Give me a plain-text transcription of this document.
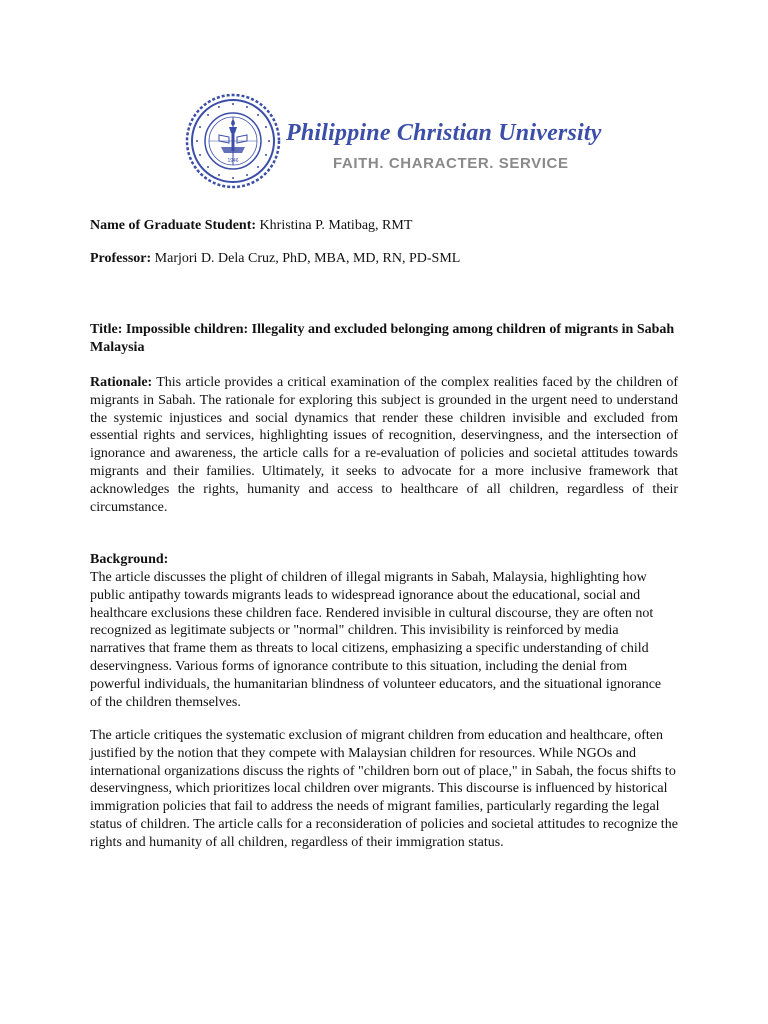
1946
Philippine Christian University
FAITH. CHARACTER. SERVICE
Name of Graduate Student: Khristina P. Matibag, RMT
Professor: Marjori D. Dela Cruz, PhD, MBA, MD, RN, PD-SML
Title: Impossible children: Illegality and excluded belonging among children of migrants in Sabah Malaysia
Rationale: This article provides a critical examination of the complex realities faced by the children of migrants in Sabah. The rationale for exploring this subject is grounded in the urgent need to understand the systemic injustices and social dynamics that render these children invisible and excluded from essential rights and services, highlighting issues of recognition, deservingness, and the intersection of ignorance and awareness, the article calls for a re-evaluation of policies and societal attitudes towards migrants and their families. Ultimately, it seeks to advocate for a more inclusive framework that acknowledges the rights, humanity and access to healthcare of all children, regardless of their circumstance.
Background:
The article discusses the plight of children of illegal migrants in Sabah, Malaysia, highlighting how public antipathy towards migrants leads to widespread ignorance about the educational, social and healthcare exclusions these children face. Rendered invisible in cultural discourse, they are often not recognized as legitimate subjects or "normal" children. This invisibility is reinforced by media narratives that frame them as threats to local citizens, emphasizing a specific understanding of child deservingness. Various forms of ignorance contribute to this situation, including the denial from powerful individuals, the humanitarian blindness of volunteer educators, and the situational ignorance of the children themselves.
The article critiques the systematic exclusion of migrant children from education and healthcare, often justified by the notion that they compete with Malaysian children for resources. While NGOs and international organizations discuss the rights of "children born out of place," in Sabah, the focus shifts to deservingness, which prioritizes local children over migrants. This discourse is influenced by historical immigration policies that fail to address the needs of migrant families, particularly regarding the legal status of children. The article calls for a reconsideration of policies and societal attitudes to recognize the rights and humanity of all children, regardless of their immigration status.
